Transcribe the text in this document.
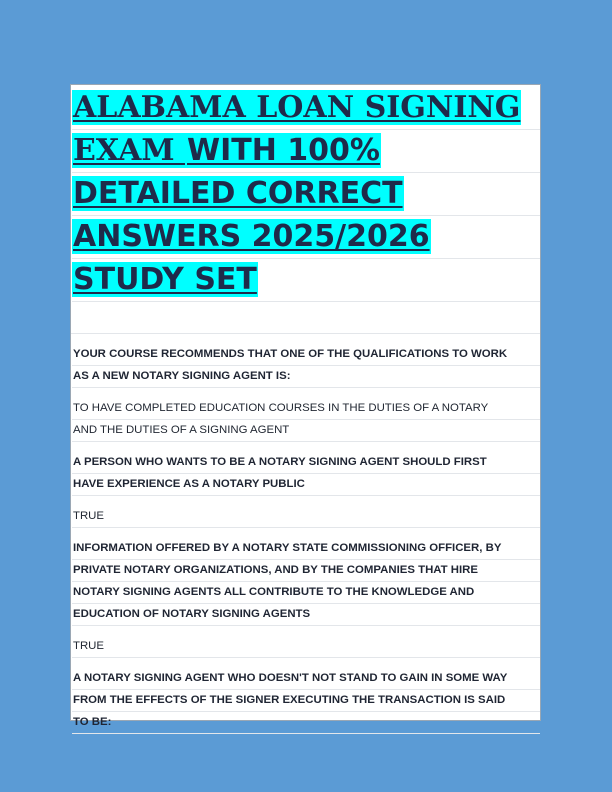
ALABAMA LOAN SIGNING
EXAM WITH 100%
DETAILED CORRECT
ANSWERS 2025/2026
STUDY SET
YOUR COURSE RECOMMENDS THAT ONE OF THE QUALIFICATIONS TO WORK
AS A NEW NOTARY SIGNING AGENT IS:
TO HAVE COMPLETED EDUCATION COURSES IN THE DUTIES OF A NOTARY
AND THE DUTIES OF A SIGNING AGENT
A PERSON WHO WANTS TO BE A NOTARY SIGNING AGENT SHOULD FIRST
HAVE EXPERIENCE AS A NOTARY PUBLIC
TRUE
INFORMATION OFFERED BY A NOTARY STATE COMMISSIONING OFFICER, BY
PRIVATE NOTARY ORGANIZATIONS, AND BY THE COMPANIES THAT HIRE
NOTARY SIGNING AGENTS ALL CONTRIBUTE TO THE KNOWLEDGE AND
EDUCATION OF NOTARY SIGNING AGENTS
TRUE
A NOTARY SIGNING AGENT WHO DOESN'T NOT STAND TO GAIN IN SOME WAY
FROM THE EFFECTS OF THE SIGNER EXECUTING THE TRANSACTION IS SAID
TO BE:
